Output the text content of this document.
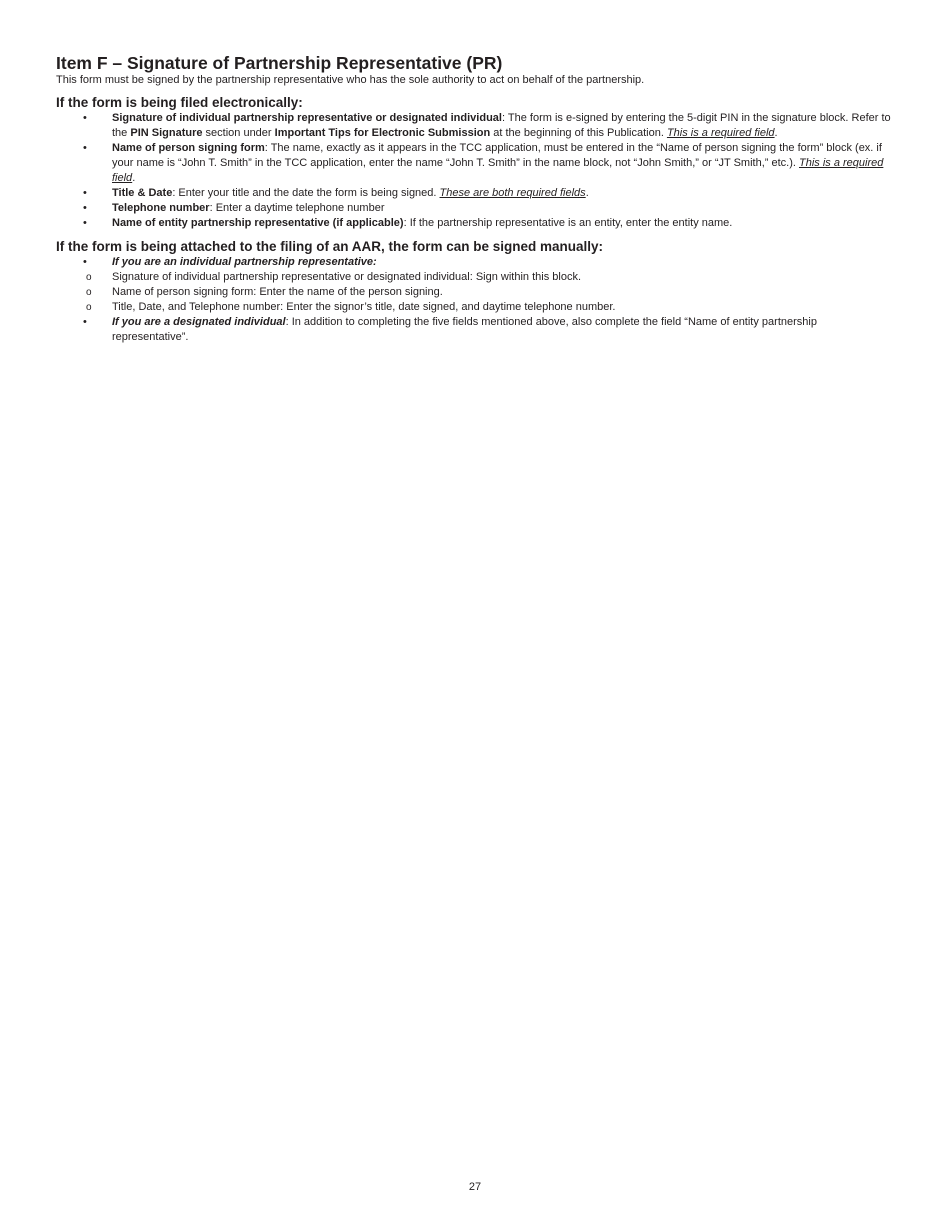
Item F – Signature of Partnership Representative (PR)

This form must be signed by the partnership representative who has the sole authority to act on behalf of the partnership.

If the form is being filed electronically:
• Signature of individual partnership representative or designated individual: The form is e-signed by entering the 5-digit PIN in the signature block. Refer to the PIN Signature section under Important Tips for Electronic Submission at the beginning of this Publication. This is a required field.
• Name of person signing form: The name, exactly as it appears in the TCC application, must be entered in the “Name of person signing the form” block (ex. if your name is “John T. Smith” in the TCC application, enter the name “John T. Smith” in the name block, not “John Smith,” or “JT Smith,” etc.). This is a required field.
• Title & Date: Enter your title and the date the form is being signed. These are both required fields.
• Telephone number: Enter a daytime telephone number
• Name of entity partnership representative (if applicable): If the partnership representative is an entity, enter the entity name.
If the form is being attached to the filing of an AAR, the form can be signed manually:
• If you are an individual partnership representative:
o Signature of individual partnership representative or designated individual: Sign within this block.
o Name of person signing form: Enter the name of the person signing.
o Title, Date, and Telephone number: Enter the signor’s title, date signed, and daytime telephone number.
• If you are a designated individual: In addition to completing the five fields mentioned above, also complete the field “Name of entity partnership representative”.
27
